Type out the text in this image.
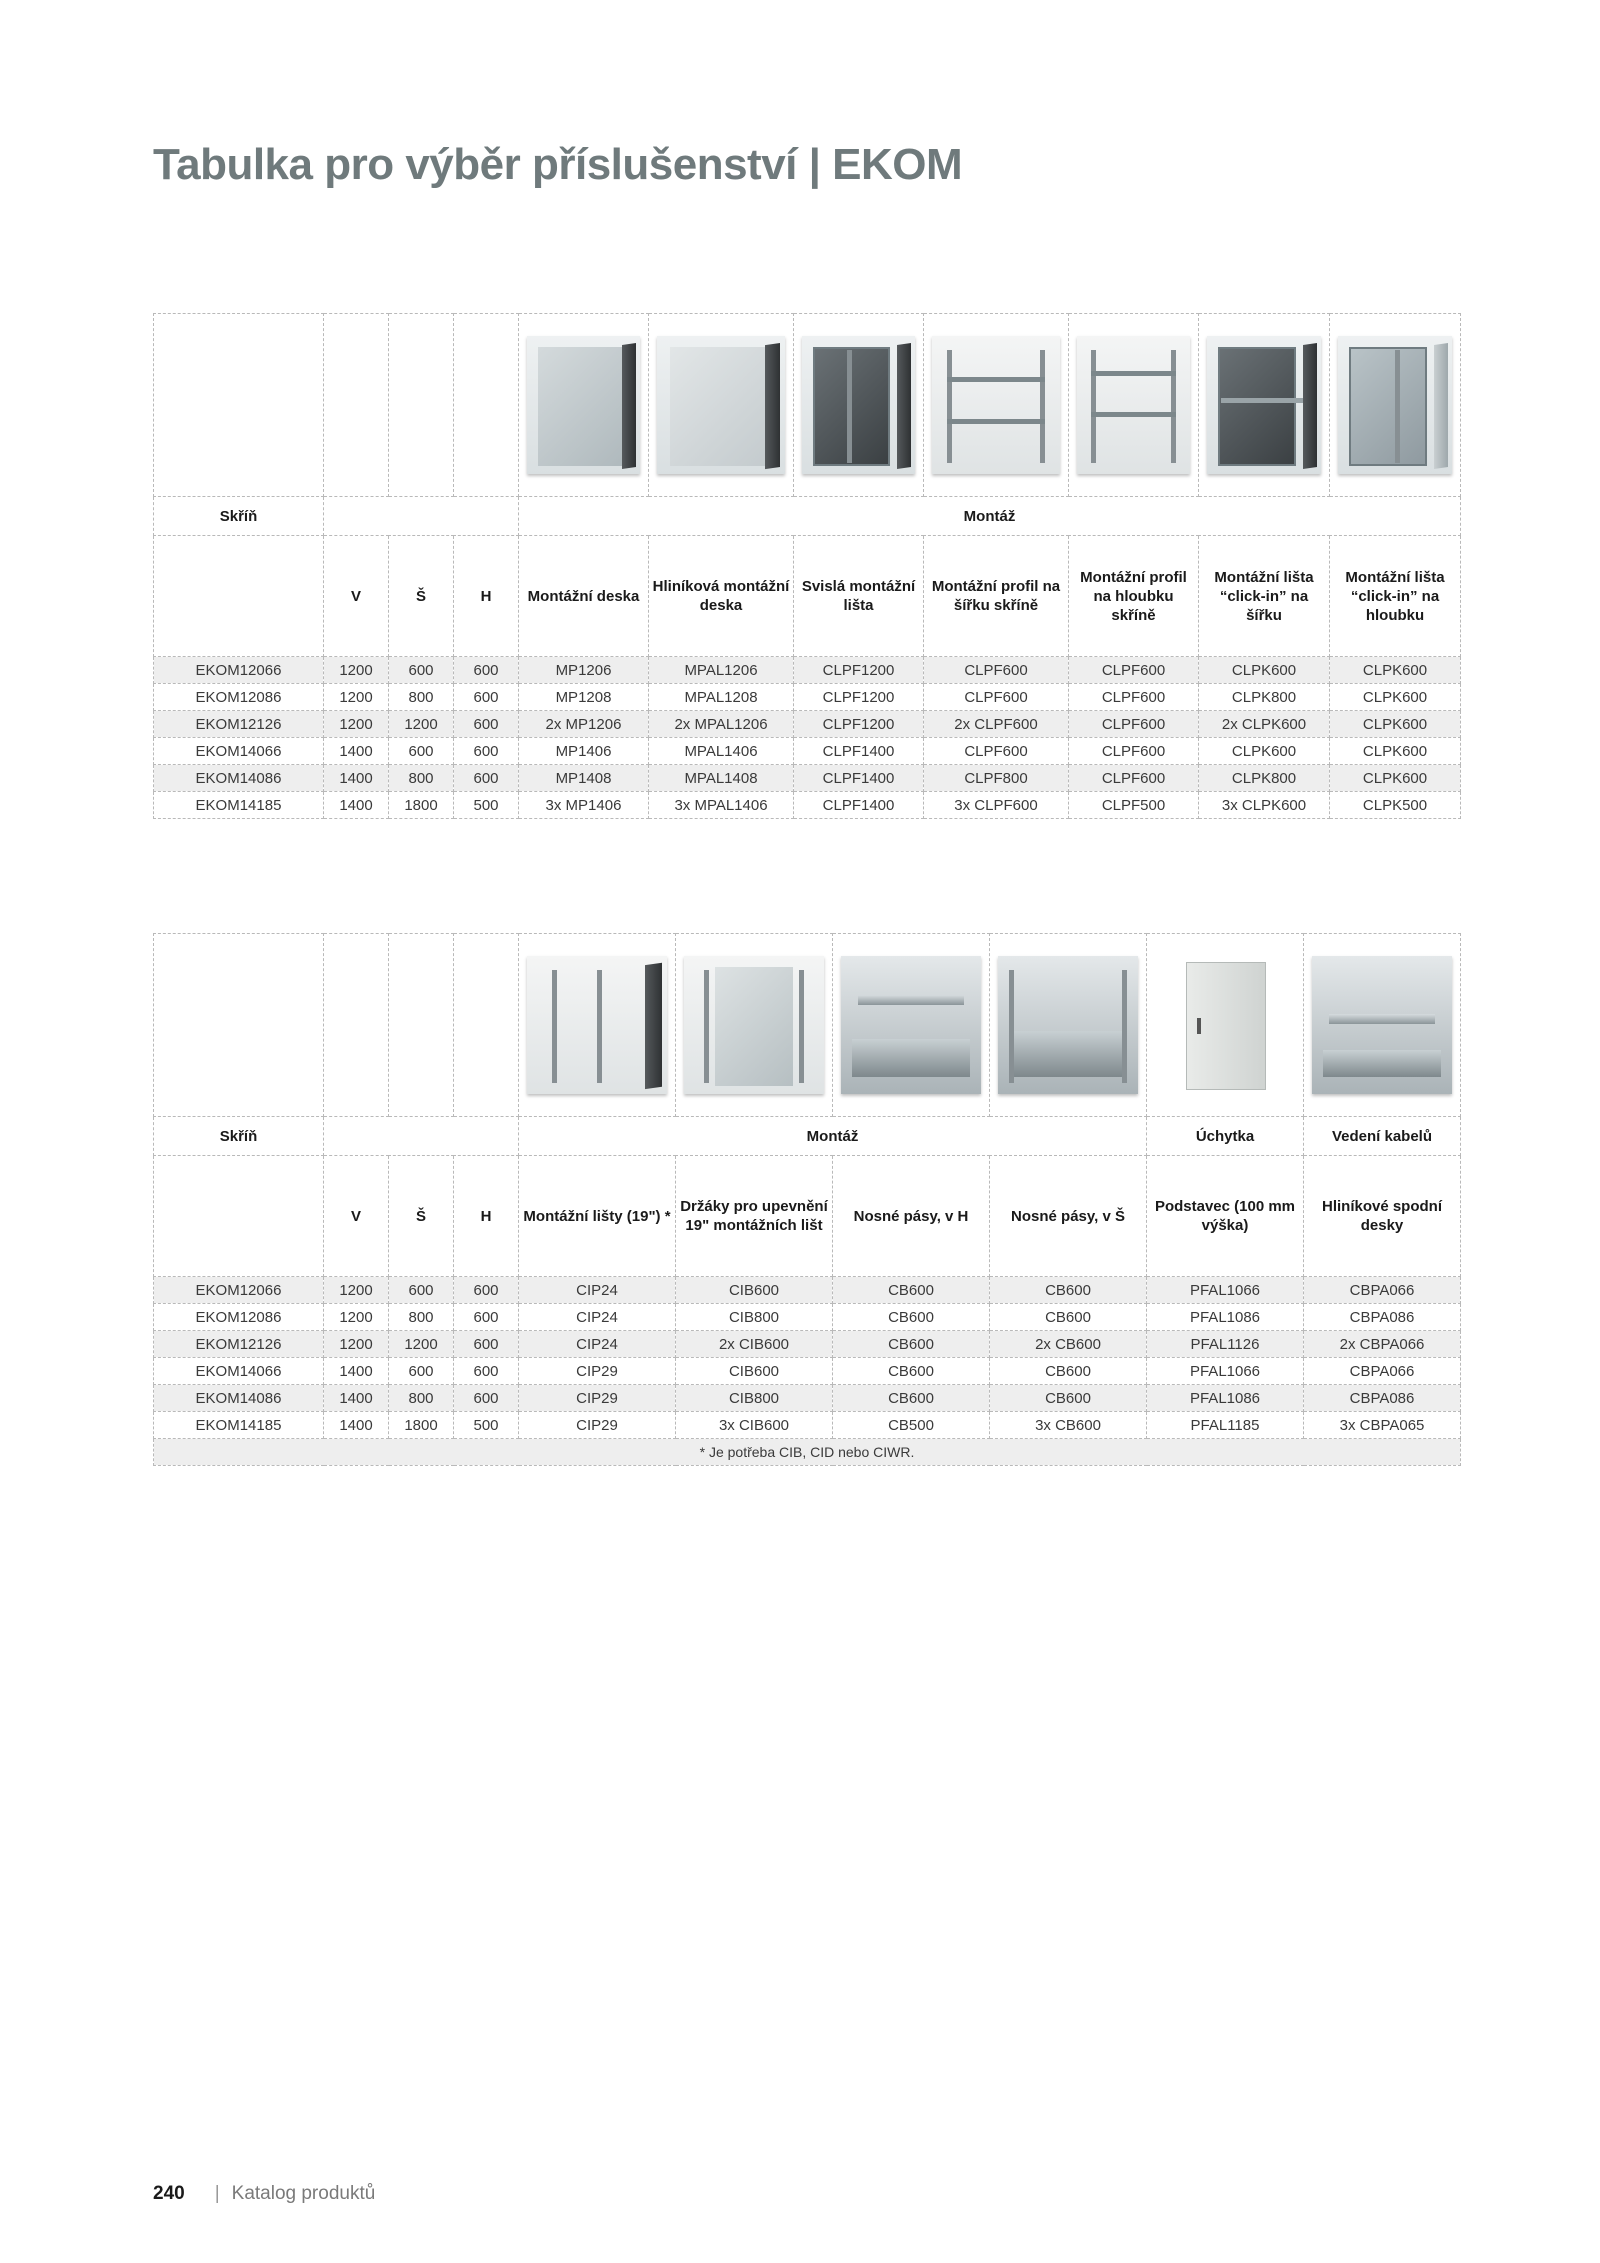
Tabulka pro výběr příslušenství | EKOM

Skříň				Montáž						
	V	Š	H	Montážní deska	Hliníková montážní deska	Svislá montážní lišta	Montážní profil na šířku skříně	Montážní profil na hloubku skříně	Montážní lišta “click-in” na šířku	Montážní lišta “click-in” na hloubku
EKOM12066	1200	600	600	MP1206	MPAL1206	CLPF1200	CLPF600	CLPF600	CLPK600	CLPK600
EKOM12086	1200	800	600	MP1208	MPAL1208	CLPF1200	CLPF600	CLPF600	CLPK800	CLPK600
EKOM12126	1200	1200	600	2x MP1206	2x MPAL1206	CLPF1200	2x CLPF600	CLPF600	2x CLPK600	CLPK600
EKOM14066	1400	600	600	MP1406	MPAL1406	CLPF1400	CLPF600	CLPF600	CLPK600	CLPK600
EKOM14086	1400	800	600	MP1408	MPAL1408	CLPF1400	CLPF800	CLPF600	CLPK800	CLPK600
EKOM14185	1400	1800	500	3x MP1406	3x MPAL1406	CLPF1400	3x CLPF600	CLPF500	3x CLPK600	CLPK500

Skříň				Montáž				Úchytka	Vedení kabelů
	V	Š	H	Montážní lišty (19") *	Držáky pro upevnění 19" montážních lišt	Nosné pásy, v H	Nosné pásy, v Š	Podstavec (100 mm výška)	Hliníkové spodní desky
EKOM12066	1200	600	600	CIP24	CIB600	CB600	CB600	PFAL1066	CBPA066
EKOM12086	1200	800	600	CIP24	CIB800	CB600	CB600	PFAL1086	CBPA086
EKOM12126	1200	1200	600	CIP24	2x CIB600	CB600	2x CB600	PFAL1126	2x CBPA066
EKOM14066	1400	600	600	CIP29	CIB600	CB600	CB600	PFAL1066	CBPA066
EKOM14086	1400	800	600	CIP29	CIB800	CB600	CB600	PFAL1086	CBPA086
EKOM14185	1400	1800	500	CIP29	3x CIB600	CB500	3x CB600	PFAL1185	3x CBPA065
* Je potřeba CIB, CID nebo CIWR.									
240 | Katalog produktů
